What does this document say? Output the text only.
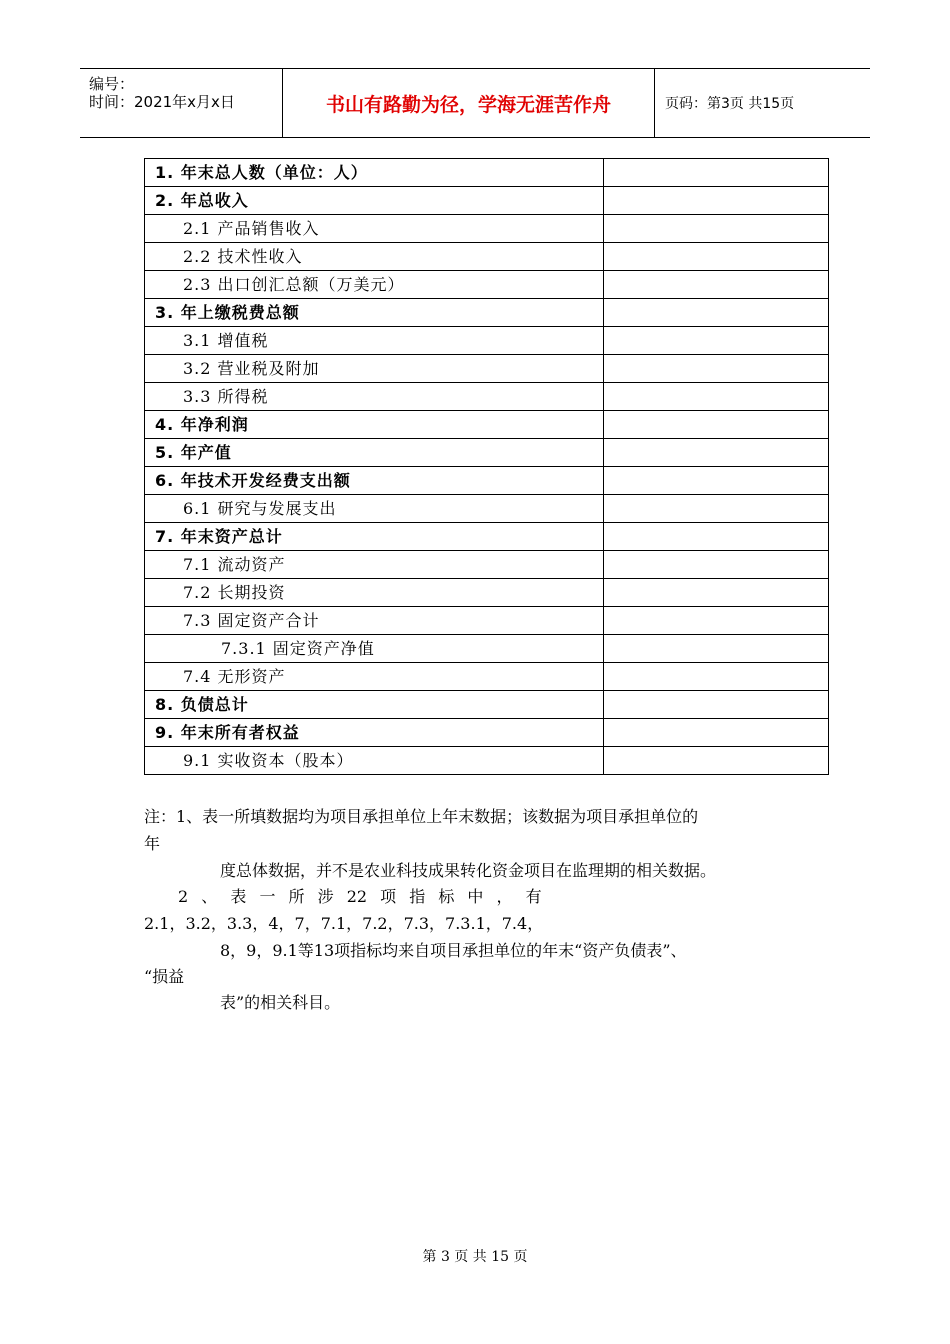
编号：
时间：2021年x月x日	书山有路勤为径，学海无涯苦作舟	页码：第3页 共15页
1. 年末总人数（单位：人）	
2. 年总收入	
2.1 产品销售收入	
2.2 技术性收入	
2.3 出口创汇总额（万美元）	
3. 年上缴税费总额	
3.1 增值税	
3.2 营业税及附加	
3.3 所得税	
4. 年净利润	
5. 年产值	
6. 年技术开发经费支出额	
6.1 研究与发展支出	
7. 年末资产总计	
7.1 流动资产	
7.2 长期投资	
7.3 固定资产合计	
7.3.1 固定资产净值	
7.4 无形资产	
8. 负债总计	
9. 年末所有者权益	
9.1 实收资本（股本）	
注：1、表一所填数据均为项目承担单位上年末数据；该数据为项目承担单位的
年
度总体数据，并不是农业科技成果转化资金项目在监理期的相关数据。
2 、 表 一 所 涉 22 项 指 标 中 ， 有
2.1，3.2，3.3，4，7，7.1，7.2，7.3，7.3.1，7.4，
8，9，9.1等13项指标均来自项目承担单位的年末“资产负债表”、
“损益
表”的相关科目。
第 3 页 共 15 页
